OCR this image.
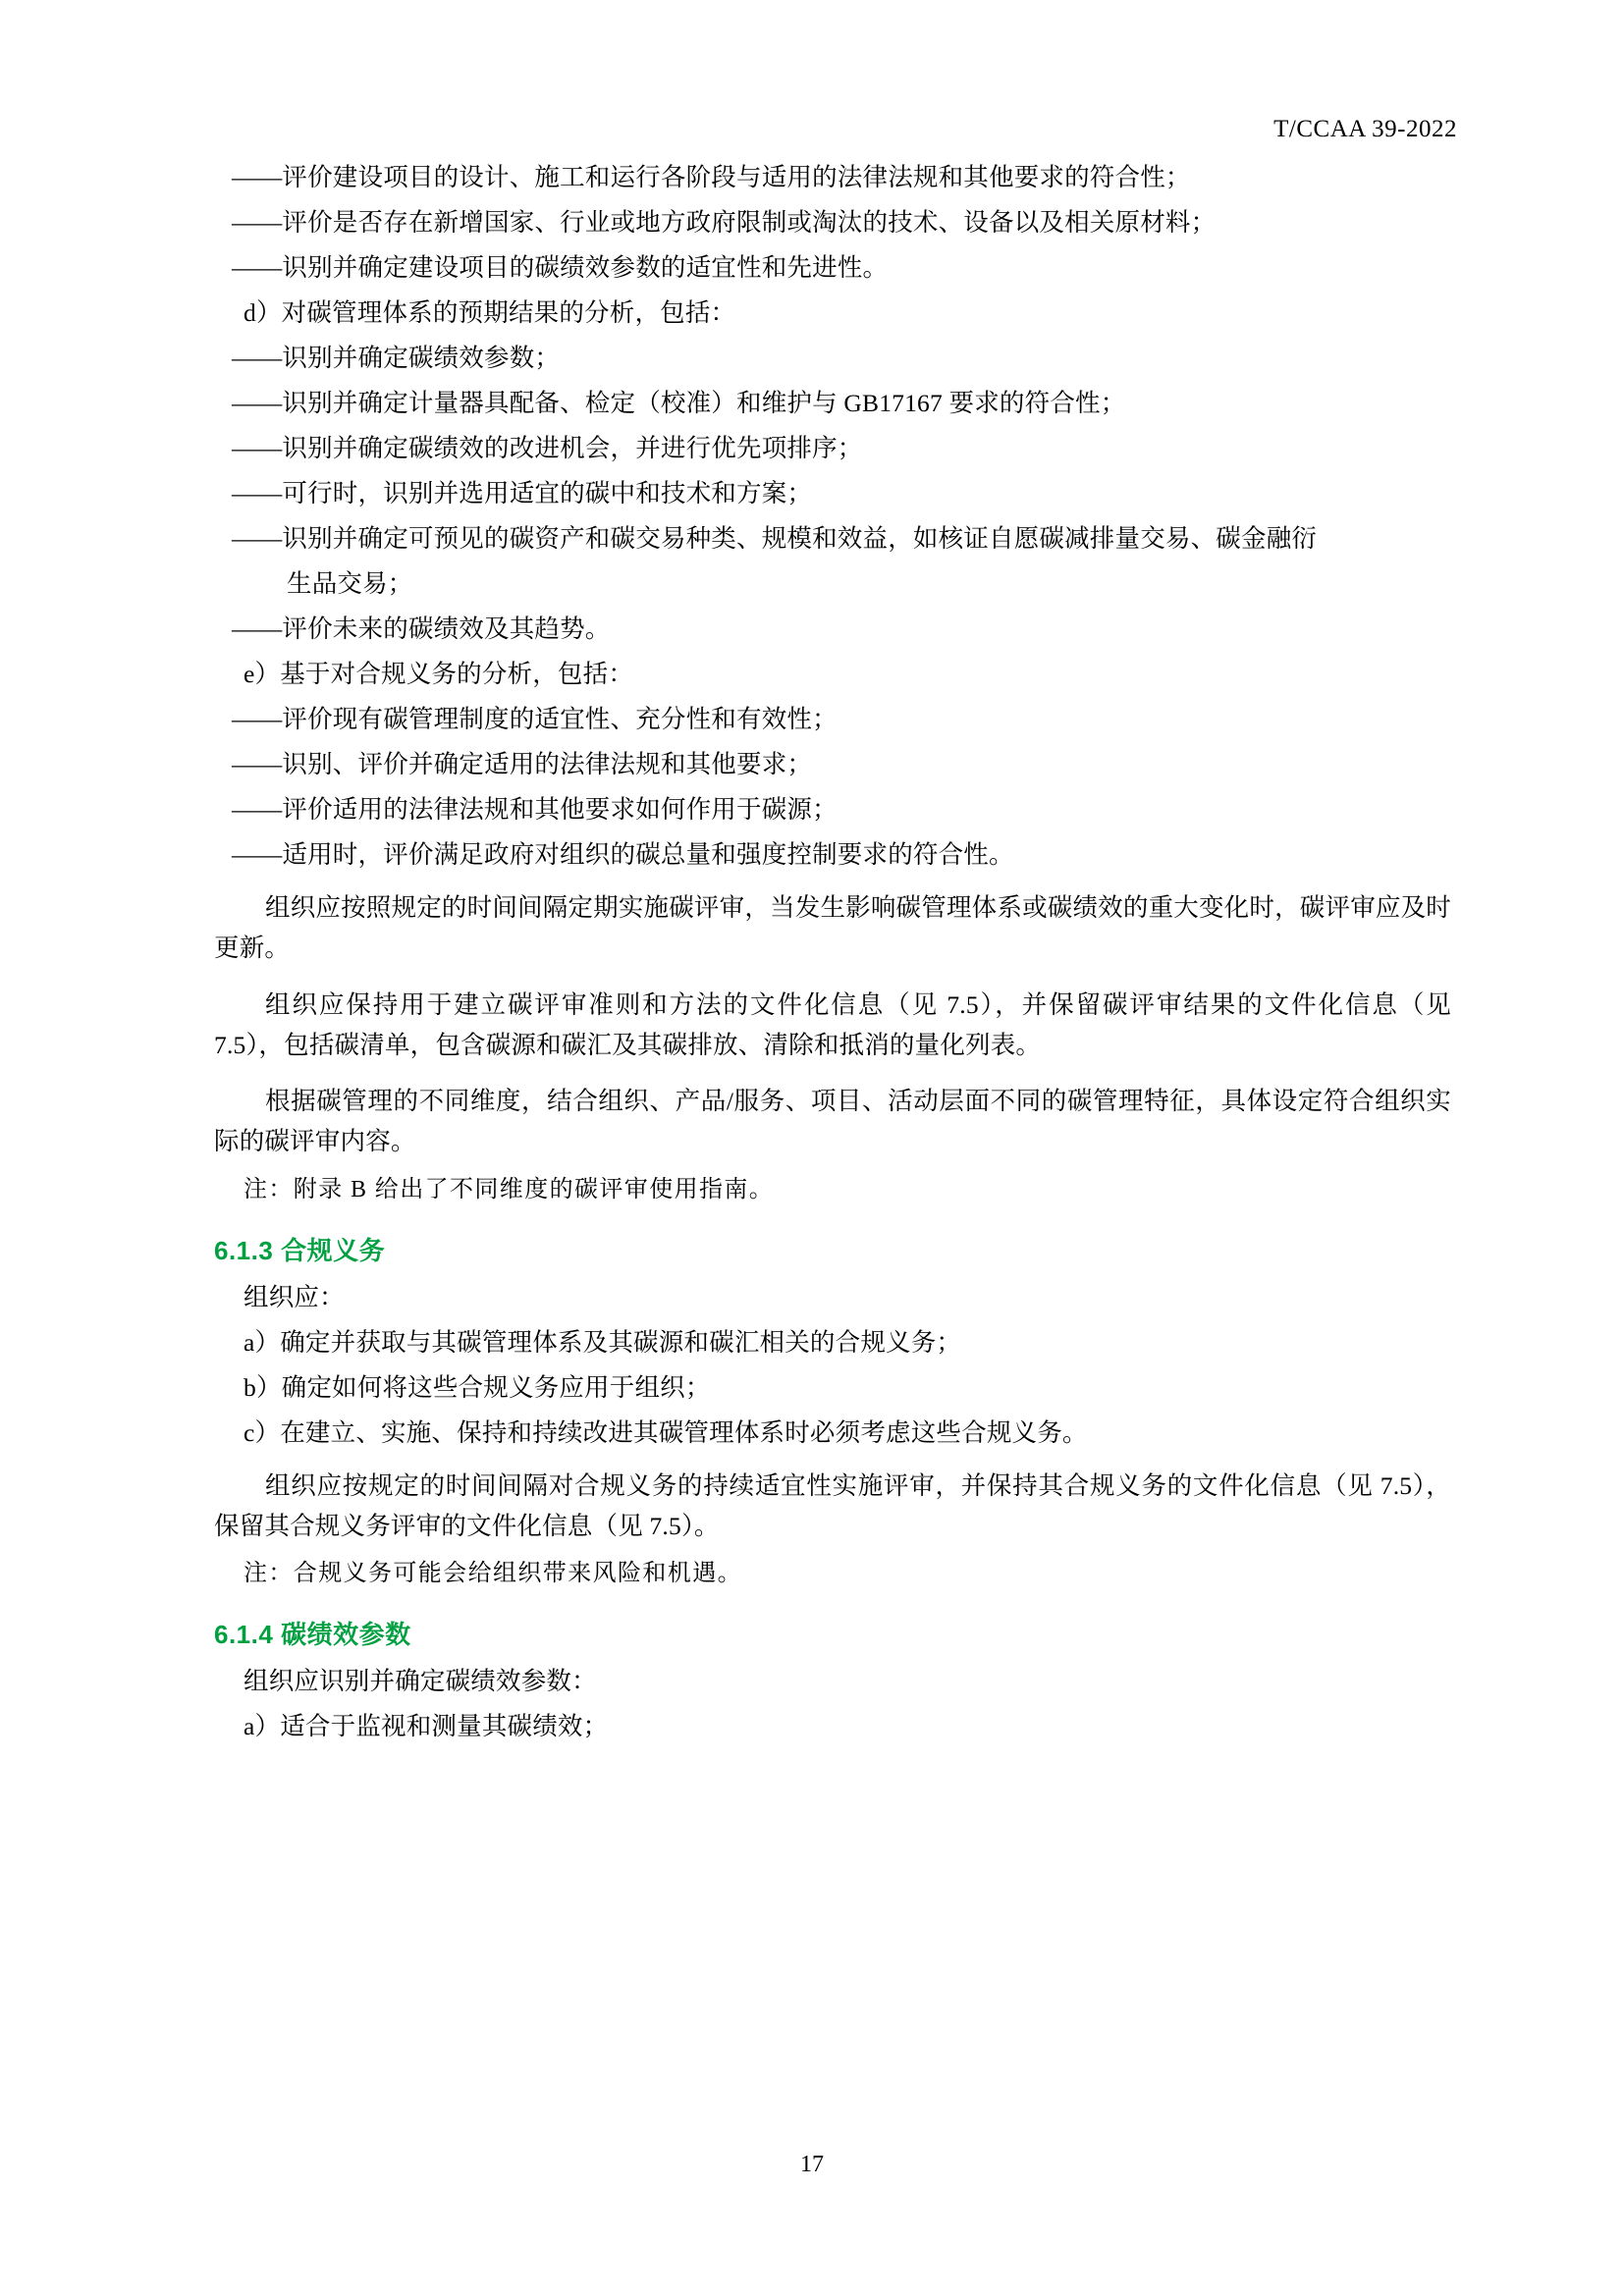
T/CCAA 39-2022
——评价建设项目的设计、施工和运行各阶段与适用的法律法规和其他要求的符合性；
——评价是否存在新增国家、行业或地方政府限制或淘汰的技术、设备以及相关原材料；
——识别并确定建设项目的碳绩效参数的适宜性和先进性。
d）对碳管理体系的预期结果的分析，包括：
——识别并确定碳绩效参数；
——识别并确定计量器具配备、检定（校准）和维护与 GB17167 要求的符合性；
——识别并确定碳绩效的改进机会，并进行优先项排序；
——可行时，识别并选用适宜的碳中和技术和方案；
——识别并确定可预见的碳资产和碳交易种类、规模和效益，如核证自愿碳减排量交易、碳金融衍
生品交易；
——评价未来的碳绩效及其趋势。
e）基于对合规义务的分析，包括：
——评价现有碳管理制度的适宜性、充分性和有效性；
——识别、评价并确定适用的法律法规和其他要求；
——评价适用的法律法规和其他要求如何作用于碳源；
——适用时，评价满足政府对组织的碳总量和强度控制要求的符合性。
组织应按照规定的时间间隔定期实施碳评审，当发生影响碳管理体系或碳绩效的重大变化时，碳评审应及时更新。
组织应保持用于建立碳评审准则和方法的文件化信息（见 7.5），并保留碳评审结果的文件化信息（见 7.5），包括碳清单，包含碳源和碳汇及其碳排放、清除和抵消的量化列表。
根据碳管理的不同维度，结合组织、产品/服务、项目、活动层面不同的碳管理特征，具体设定符合组织实际的碳评审内容。
注：附录 B 给出了不同维度的碳评审使用指南。
6.1.3 合规义务
组织应：
a）确定并获取与其碳管理体系及其碳源和碳汇相关的合规义务；
b）确定如何将这些合规义务应用于组织；
c）在建立、实施、保持和持续改进其碳管理体系时必须考虑这些合规义务。
组织应按规定的时间间隔对合规义务的持续适宜性实施评审，并保持其合规义务的文件化信息（见 7.5），保留其合规义务评审的文件化信息（见 7.5）。
注：合规义务可能会给组织带来风险和机遇。
6.1.4 碳绩效参数
组织应识别并确定碳绩效参数：
a）适合于监视和测量其碳绩效；
17
